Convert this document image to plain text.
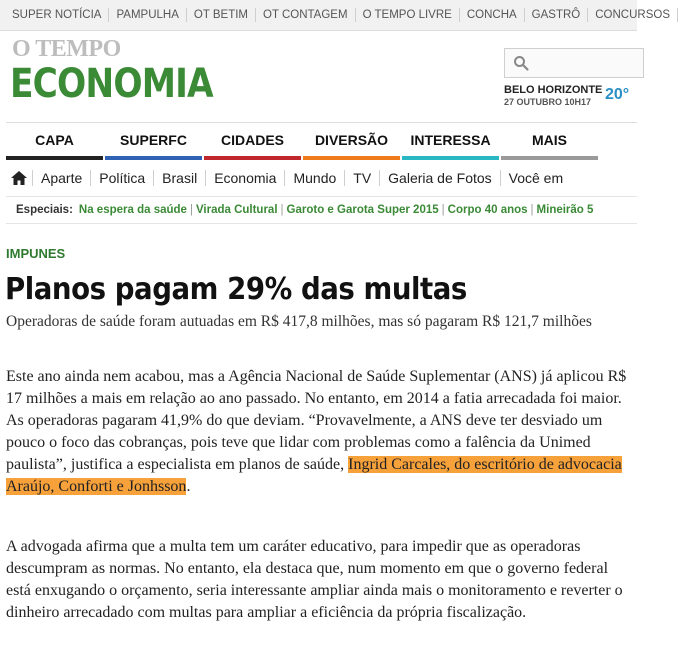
SUPER NOTÍCIA	PAMPULHA	OT BETIM	OT CONTAGEM	O TEMPO LIVRE	CONCHA	GASTRÔ	CONCURSOS
O TEMPO
ECONOMIA	BELO HORIZONTE
27 OUTUBRO 10H17 20°
CAPA	SUPERFC	CIDADES	DIVERSÃO	INTERESSA	MAIS
Aparte	Política	Brasil	Economia	Mundo	TV	Galeria de Fotos	Você em
Especiais: Na espera da saúde | Virada Cultural | Garoto e Garota Super 2015 | Corpo 40 anos | Mineirão 5
IMPUNES
Planos pagam 29% das multas

Operadoras de saúde foram autuadas em R$ 417,8 milhões, mas só pagaram R$ 121,7 milhões

Este ano ainda nem acabou, mas a Agência Nacional de Saúde Suplementar (ANS) já aplicou R$ 17 milhões a mais em relação ao ano passado. No entanto, em 2014 a fatia arrecadada foi maior. As operadoras pagaram 41,9% do que deviam. “Provavelmente, a ANS deve ter desviado um pouco o foco das cobranças, pois teve que lidar com problemas como a falência da Unimed paulista”, justifica a especialista em planos de saúde, Ingrid Carcales, do escritório de advocacia Araújo, Conforti e Jonhsson.

A advogada afirma que a multa tem um caráter educativo, para impedir que as operadoras descumpram as normas. No entanto, ela destaca que, num momento em que o governo federal está enxugando o orçamento, seria interessante ampliar ainda mais o monitoramento e reverter o dinheiro arrecadado com multas para ampliar a eficiência da própria fiscalização.
